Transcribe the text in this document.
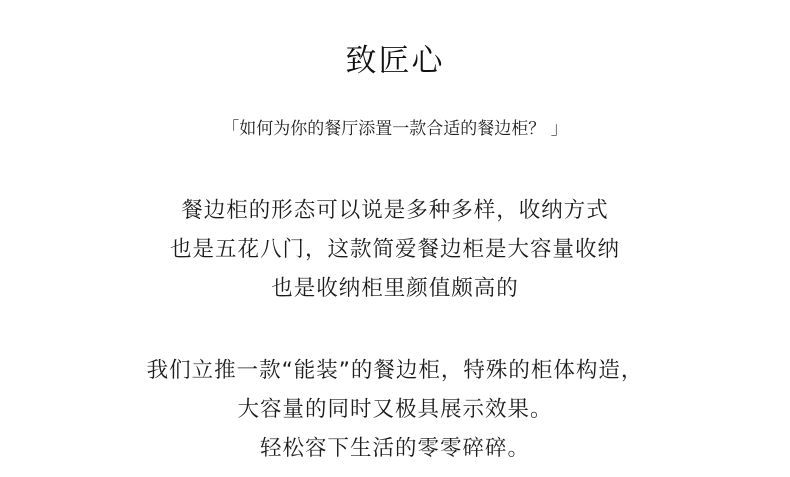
致匠心
「如何为你的餐厅添置一款合适的餐边柜？ 」
餐边柜的形态可以说是多种多样，收纳方式
也是五花八门，这款简爱餐边柜是大容量收纳
也是收纳柜里颜值颇高的
我们立推一款“能装”的餐边柜，特殊的柜体构造，
大容量的同时又极具展示效果。
轻松容下生活的零零碎碎。
